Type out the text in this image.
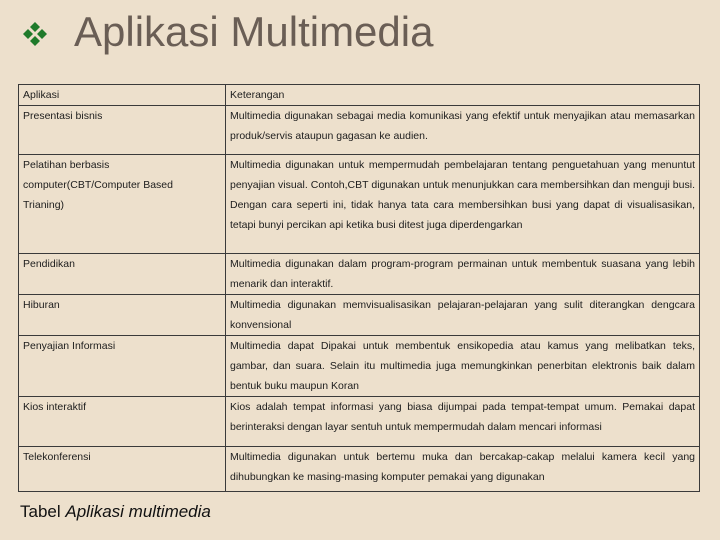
Aplikasi Multimedia
Aplikasi	Keterangan
Presentasi bisnis	Multimedia digunakan sebagai media komunikasi yang efektif untuk menyajikan atau memasarkan produk/servis ataupun gagasan ke audien.
Pelatihan berbasis computer(CBT/Computer Based Trianing)	Multimedia digunakan untuk mempermudah pembelajaran tentang penguetahuan yang menuntut penyajian visual. Contoh,CBT digunakan untuk menunjukkan cara membersihkan dan menguji busi. Dengan cara seperti ini, tidak hanya tata cara membersihkan busi yang dapat di visualisasikan, tetapi bunyi percikan api ketika busi ditest juga diperdengarkan
Pendidikan	Multimedia digunakan dalam program-program permainan untuk membentuk suasana yang lebih menarik dan interaktif.
Hiburan	Multimedia digunakan memvisualisasikan pelajaran-pelajaran yang sulit diterangkan dengcara konvensional
Penyajian Informasi	Multimedia dapat Dipakai untuk membentuk ensikopedia atau kamus yang melibatkan teks, gambar, dan suara. Selain itu multimedia juga memungkinkan penerbitan elektronis baik dalam bentuk buku maupun Koran
Kios interaktif	Kios adalah tempat informasi yang biasa dijumpai pada tempat-tempat umum. Pemakai dapat berinteraksi dengan layar sentuh untuk mempermudah dalam mencari informasi
Telekonferensi	Multimedia digunakan untuk bertemu muka dan bercakap-cakap melalui kamera kecil yang dihubungkan ke masing-masing komputer pemakai yang digunakan
Tabel Aplikasi multimedia
